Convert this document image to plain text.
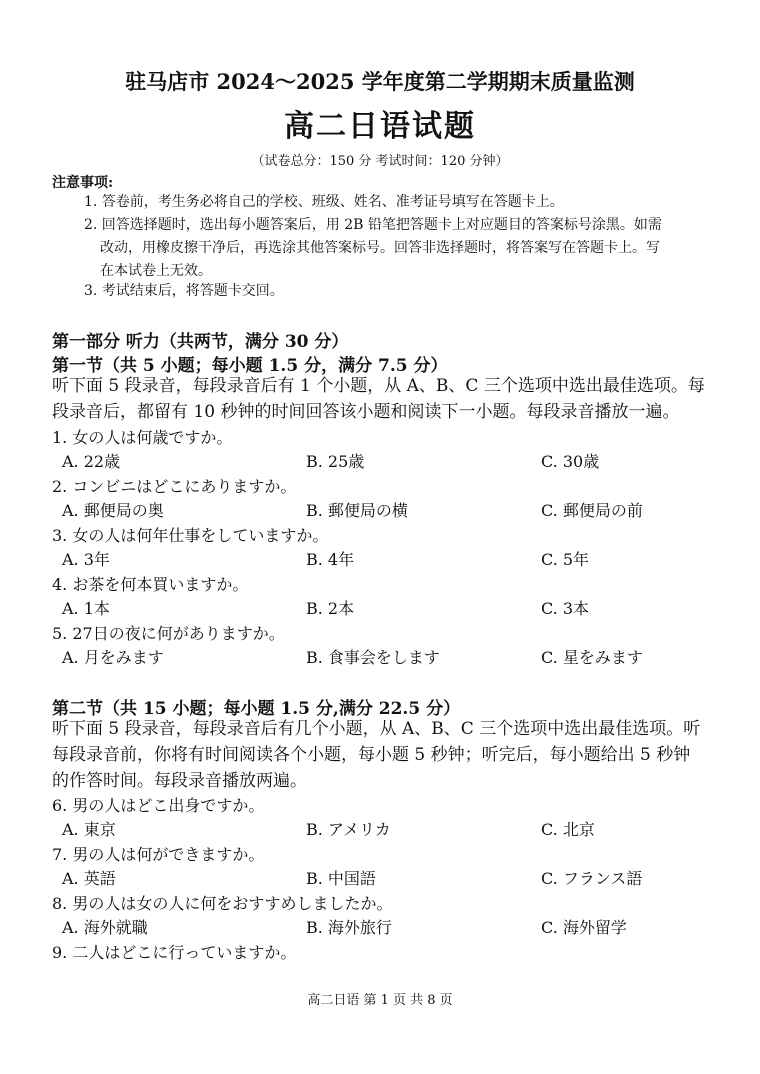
驻马店市 2024～2025 学年度第二学期期末质量监测
高二日语试题
（试卷总分：150 分 考试时间：120 分钟）
注意事项:
1. 答卷前，考生务必将自己的学校、班级、姓名、准考证号填写在答题卡上。
2. 回答选择题时，选出每小题答案后，用 2B 铅笔把答题卡上对应题目的答案标号涂黑。如需
改动，用橡皮擦干净后，再选涂其他答案标号。回答非选择题时，将答案写在答题卡上。写
在本试卷上无效。
3. 考试结束后，将答题卡交回。
第一部分 听力（共两节，满分 30 分）
第一节（共 5 小题；每小题 1.5 分，满分 7.5 分）
听下面 5 段录音，每段录音后有 1 个小题，从 A、B、C 三个选项中选出最佳选项。每
段录音后，都留有 10 秒钟的时间回答该小题和阅读下一小题。每段录音播放一遍。
1. 女の人は何歳ですか。
A. 22歳	B. 25歳	C. 30歳
2. コンビニはどこにありますか。
A. 郵便局の奥	B. 郵便局の横	C. 郵便局の前
3. 女の人は何年仕事をしていますか。
A. 3年	B. 4年	C. 5年
4. お茶を何本買いますか。
A. 1本	B. 2本	C. 3本
5. 27日の夜に何がありますか。
A. 月をみます	B. 食事会をします	C. 星をみます
第二节（共 15 小题；每小题 1.5 分,满分 22.5 分）
听下面 5 段录音，每段录音后有几个小题，从 A、B、C 三个选项中选出最佳选项。听
每段录音前，你将有时间阅读各个小题，每小题 5 秒钟；听完后，每小题给出 5 秒钟
的作答时间。每段录音播放两遍。
6. 男の人はどこ出身ですか。
A. 東京	B. アメリカ	C. 北京
7. 男の人は何ができますか。
A. 英語	B. 中国語	C. フランス語
8. 男の人は女の人に何をおすすめしましたか。
A. 海外就職	B. 海外旅行	C. 海外留学
9. 二人はどこに行っていますか。
高二日语 第 1 页 共 8 页
